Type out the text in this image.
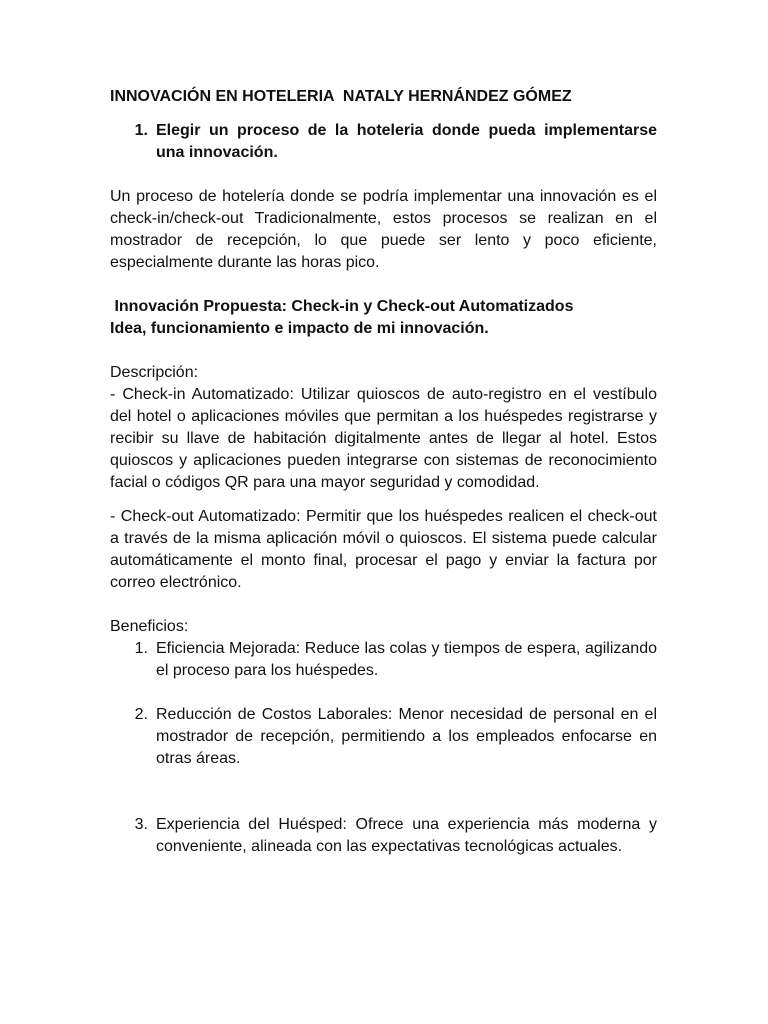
INNOVACIÓN EN HOTELERIA  NATALY HERNÁNDEZ GÓMEZ
1. Elegir un proceso de la hoteleria donde pueda implementarse una innovación.

Un proceso de hotelería donde se podría implementar una innovación es el check-in/check-out Tradicionalmente, estos procesos se realizan en el mostrador de recepción, lo que puede ser lento y poco eficiente, especialmente durante las horas pico.

Innovación Propuesta: Check-in y Check-out Automatizados

Idea, funcionamiento e impacto de mi innovación.

Descripción:

- Check-in Automatizado: Utilizar quioscos de auto-registro en el vestíbulo del hotel o aplicaciones móviles que permitan a los huéspedes registrarse y recibir su llave de habitación digitalmente antes de llegar al hotel. Estos quioscos y aplicaciones pueden integrarse con sistemas de reconocimiento facial o códigos QR para una mayor seguridad y comodidad.

- Check-out Automatizado: Permitir que los huéspedes realicen el check-out a través de la misma aplicación móvil o quioscos. El sistema puede calcular automáticamente el monto final, procesar el pago y enviar la factura por correo electrónico.

Beneficios:

1. Eficiencia Mejorada: Reduce las colas y tiempos de espera, agilizando el proceso para los huéspedes.
2. Reducción de Costos Laborales: Menor necesidad de personal en el mostrador de recepción, permitiendo a los empleados enfocarse en otras áreas.
3. Experiencia del Huésped: Ofrece una experiencia más moderna y conveniente, alineada con las expectativas tecnológicas actuales.
